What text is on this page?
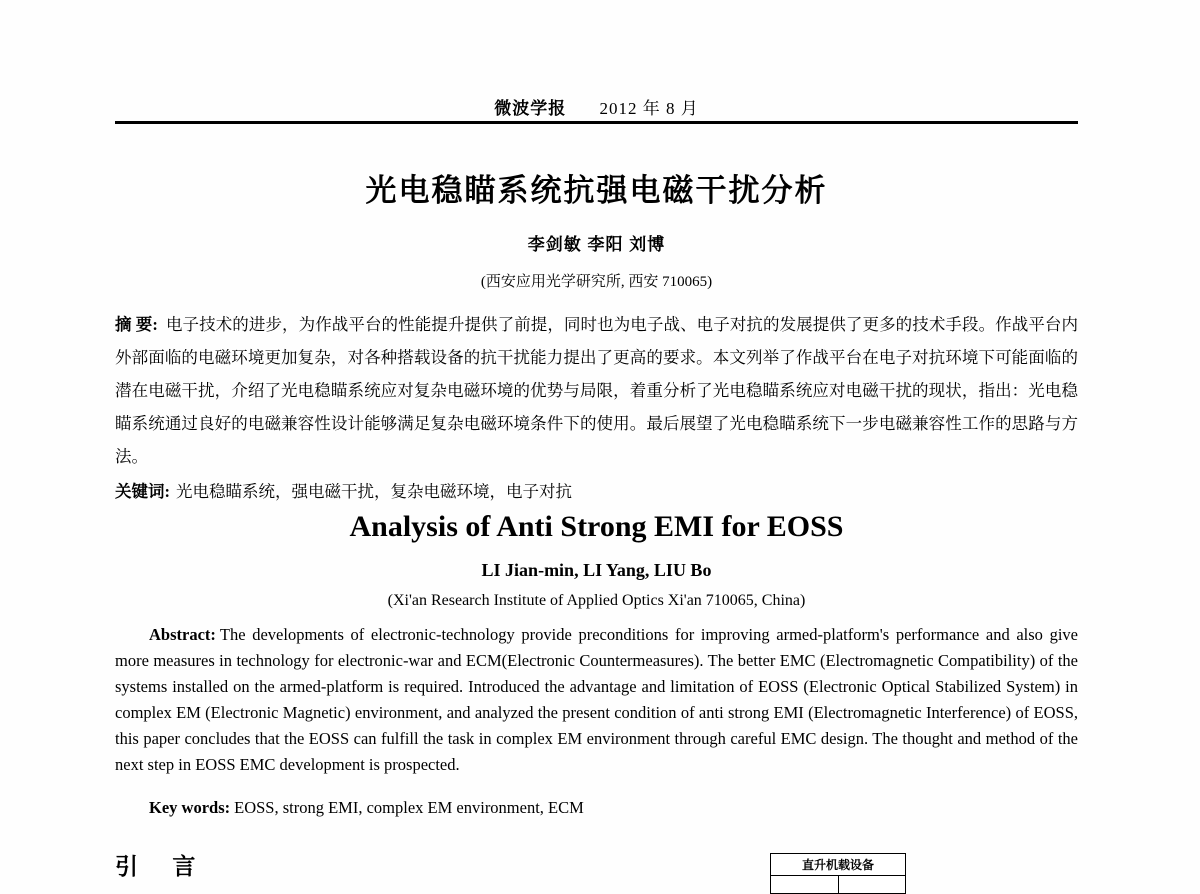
微波学报 2012 年 8 月
光电稳瞄系统抗强电磁干扰分析
李剑敏 李阳 刘博
(西安应用光学研究所, 西安 710065)

摘 要: 电子技术的进步，为作战平台的性能提升提供了前提，同时也为电子战、电子对抗的发展提供了更多的技术手段。作战平台内外部面临的电磁环境更加复杂，对各种搭载设备的抗干扰能力提出了更高的要求。本文列举了作战平台在电子对抗环境下可能面临的潜在电磁干扰，介绍了光电稳瞄系统应对复杂电磁环境的优势与局限，着重分析了光电稳瞄系统应对电磁干扰的现状，指出：光电稳瞄系统通过良好的电磁兼容性设计能够满足复杂电磁环境条件下的使用。最后展望了光电稳瞄系统下一步电磁兼容性工作的思路与方法。

关键词: 光电稳瞄系统，强电磁干扰，复杂电磁环境，电子对抗

Analysis of Anti Strong EMI for EOSS
LI Jian-min, LI Yang, LIU Bo
(Xi'an Research Institute of Applied Optics Xi'an 710065, China)

Abstract: The developments of electronic-technology provide preconditions for improving armed-platform's performance and also give more measures in technology for electronic-war and ECM(Electronic Countermeasures). The better EMC (Electromagnetic Compatibility) of the systems installed on the armed-platform is required. Introduced the advantage and limitation of EOSS (Electronic Optical Stabilized System) in complex EM (Electronic Magnetic) environment, and analyzed the present condition of anti strong EMI (Electromagnetic Interference) of EOSS, this paper concludes that the EOSS can fulfill the task in complex EM environment through careful EMC design. The thought and method of the next step in EOSS EMC development is prospected.

Key words: EOSS, strong EMI, complex EM environment, ECM

引 言	直升机载设备
